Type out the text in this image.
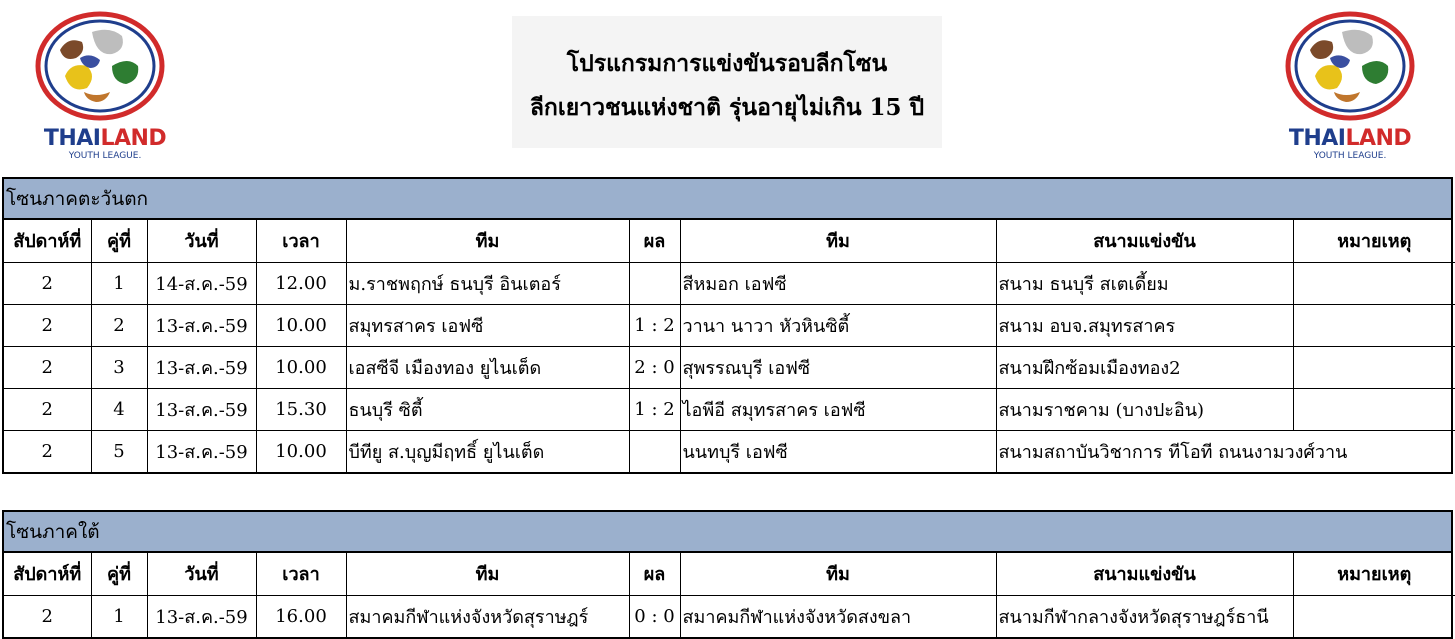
THAILAND
YOUTH LEAGUE.
โปรแกรมการแข่งขันรอบลีกโซน
ลีกเยาวชนแห่งชาติ รุ่นอายุไม่เกิน 15 ปี
THAILAND
YOUTH LEAGUE.
โซนภาคตะวันตก
สัปดาห์ที่	คู่ที่	วันที่	เวลา	ทีม	ผล	ทีม	สนามแข่งขัน	หมายเหตุ
2	1	14-ส.ค.-59	12.00	ม.ราชพฤกษ์ ธนบุรี อินเตอร์		สีหมอก เอฟซี	สนาม ธนบุรี สเตเดี้ยม	
2	2	13-ส.ค.-59	10.00	สมุทรสาคร เอฟซี	1 : 2	วานา นาวา หัวหินซิตี้	สนาม อบจ.สมุทรสาคร	
2	3	13-ส.ค.-59	10.00	เอสซีจี เมืองทอง ยูไนเต็ด	2 : 0	สุพรรณบุรี เอฟซี	สนามฝึกซ้อมเมืองทอง2	
2	4	13-ส.ค.-59	15.30	ธนบุรี ซิตี้	1 : 2	ไอพีอี สมุทรสาคร เอฟซี	สนามราชคาม (บางปะอิน)	
2	5	13-ส.ค.-59	10.00	บีทียู ส.บุญมีฤทธิ์ ยูไนเต็ด		นนทบุรี เอฟซี	สนามสถาบันวิชาการ ทีโอที ถนนงามวงศ์วาน	
โซนภาคใต้
สัปดาห์ที่	คู่ที่	วันที่	เวลา	ทีม	ผล	ทีม	สนามแข่งขัน	หมายเหตุ
2	1	13-ส.ค.-59	16.00	สมาคมกีฬาแห่งจังหวัดสุราษฎร์	0 : 0	สมาคมกีฬาแห่งจังหวัดสงขลา	สนามกีฬากลางจังหวัดสุราษฎร์ธานี	
